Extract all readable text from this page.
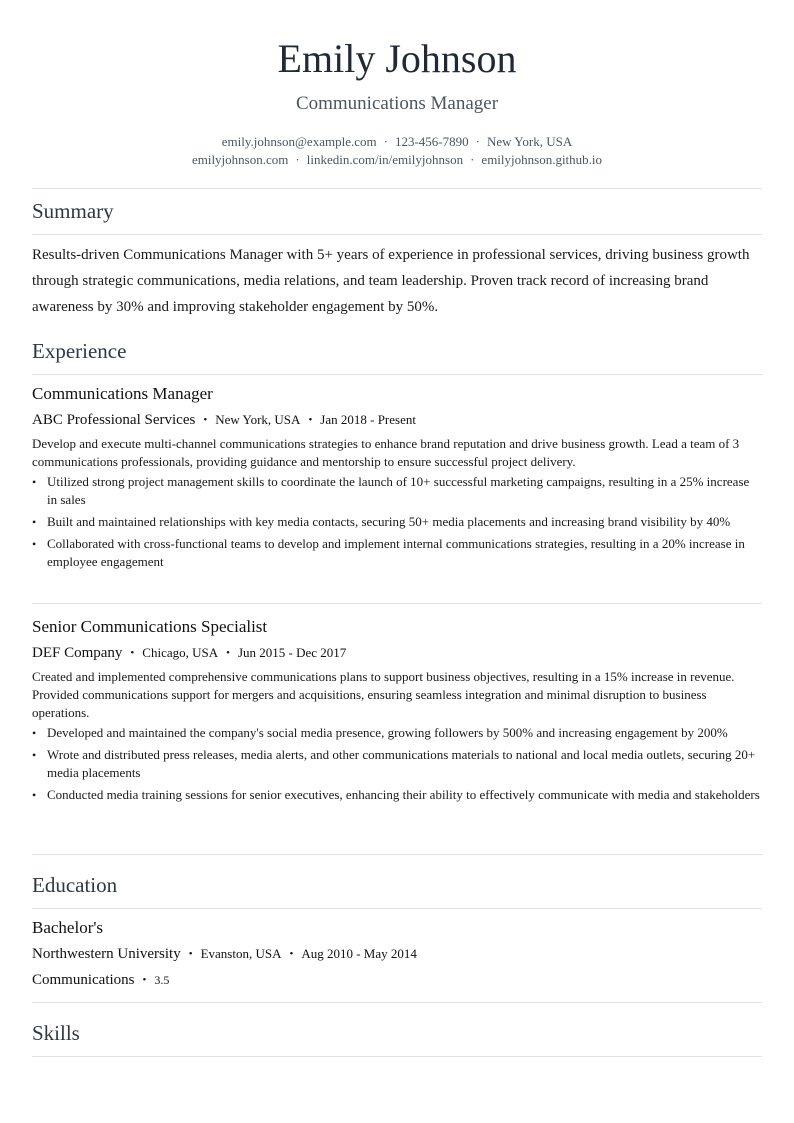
Emily Johnson
Communications Manager
emily.johnson@example.com · 123-456-7890 · New York, USA
emilyjohnson.com · linkedin.com/in/emilyjohnson · emilyjohnson.github.io
Summary
Results-driven Communications Manager with 5+ years of experience in professional services, driving business growth through strategic communications, media relations, and team leadership. Proven track record of increasing brand awareness by 30% and improving stakeholder engagement by 50%.
Experience
Communications Manager
ABC Professional Services • New York, USA • Jan 2018 - Present
Develop and execute multi-channel communications strategies to enhance brand reputation and drive business growth. Lead a team of 3 communications professionals, providing guidance and mentorship to ensure successful project delivery.
• Utilized strong project management skills to coordinate the launch of 10+ successful marketing campaigns, resulting in a 25% increase in sales
• Built and maintained relationships with key media contacts, securing 50+ media placements and increasing brand visibility by 40%
• Collaborated with cross-functional teams to develop and implement internal communications strategies, resulting in a 20% increase in employee engagement
Senior Communications Specialist
DEF Company • Chicago, USA • Jun 2015 - Dec 2017
Created and implemented comprehensive communications plans to support business objectives, resulting in a 15% increase in revenue. Provided communications support for mergers and acquisitions, ensuring seamless integration and minimal disruption to business operations.
• Developed and maintained the company's social media presence, growing followers by 500% and increasing engagement by 200%
• Wrote and distributed press releases, media alerts, and other communications materials to national and local media outlets, securing 20+ media placements
• Conducted media training sessions for senior executives, enhancing their ability to effectively communicate with media and stakeholders
Education
Bachelor's
Northwestern University • Evanston, USA • Aug 2010 - May 2014
Communications • 3.5
Skills
